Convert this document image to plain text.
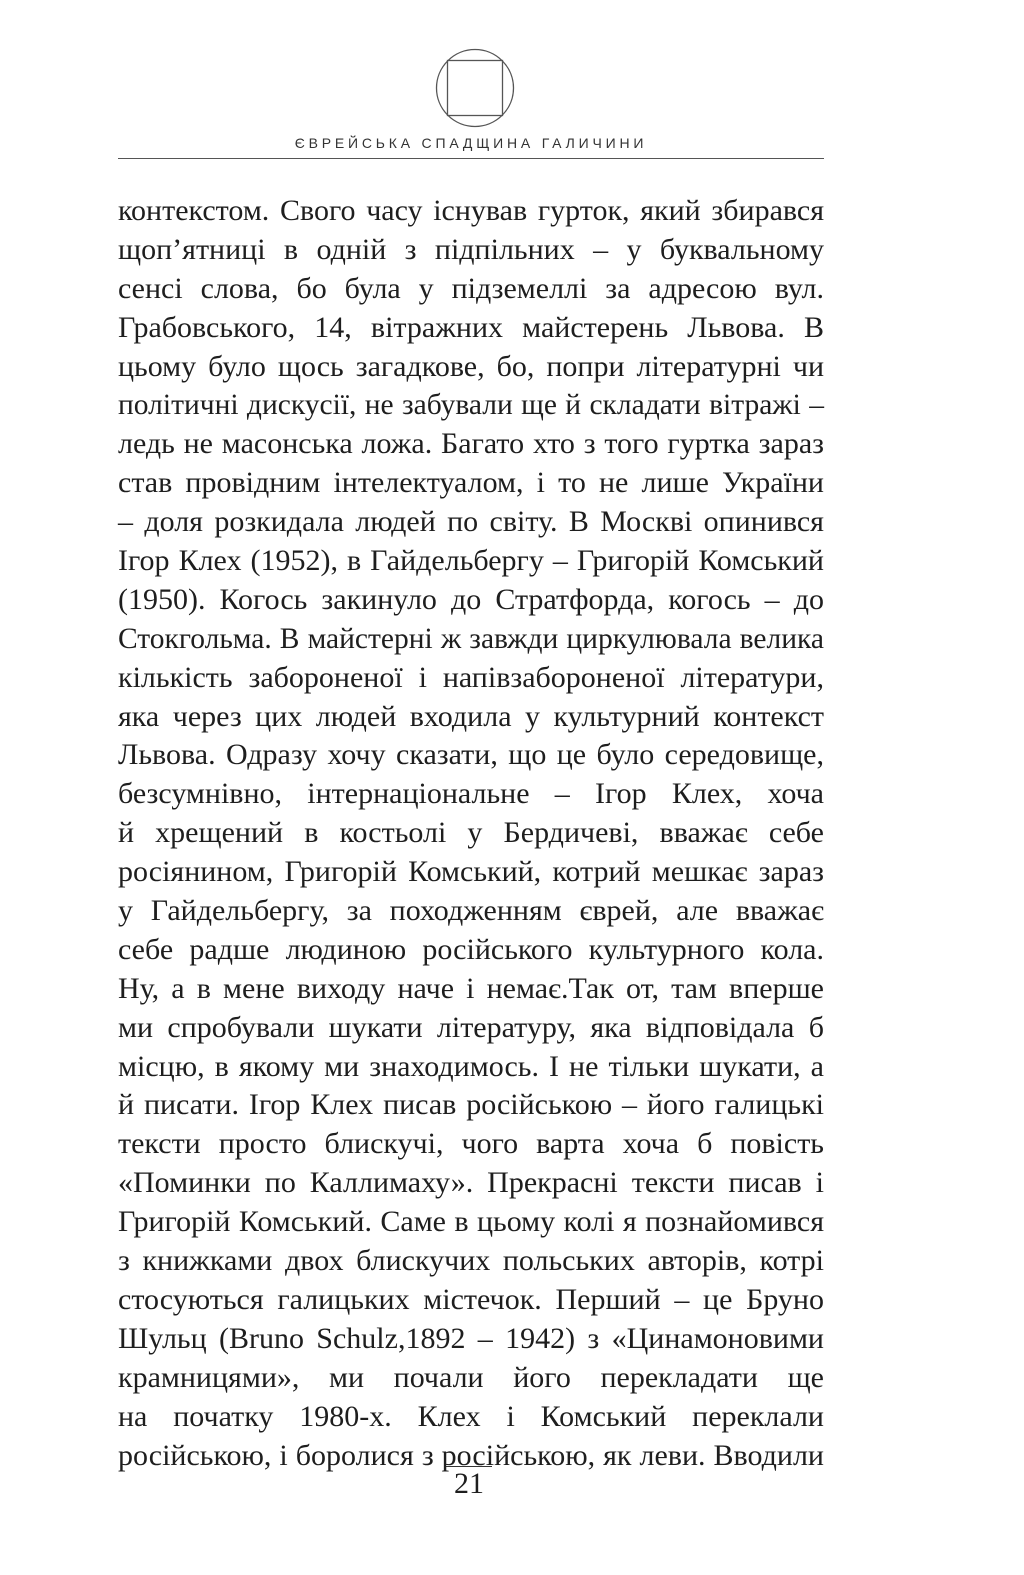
ЄВРЕЙСЬКА СПАДЩИНА ГАЛИЧИНИ
контекстом. Свого часу існував гурток, який збирався
щоп’ятниці в одній з підпільних – у буквальному
сенсі слова, бо була у підземеллі за адресою вул.
Грабовського, 14, вітражних майстерень Львова. В
цьому було щось загадкове, бо, попри літературні чи
політичні дискусії, не забували ще й складати вітражі –
ледь не масонська ложа. Багато хто з того гуртка зараз
став провідним інтелектуалом, і то не лише України
– доля розкидала людей по світу. В Москві опинився
Ігор Клех (1952), в Гайдельбергу – Григорій Комський
(1950). Когось закинуло до Стратфорда, когось – до
Стокгольма. В майстерні ж завжди циркулювала велика
кількість забороненої і напівзабороненої літератури,
яка через цих людей входила у культурний контекст
Львова. Одразу хочу сказати, що це було середовище,
безсумнівно, інтернаціональне – Ігор Клех, хоча
й хрещений в костьолі у Бердичеві, вважає себе
росіянином, Григорій Комський, котрий мешкає зараз
у Гайдельбергу, за походженням єврей, але вважає
себе радше людиною російського культурного кола.
Ну, а в мене виходу наче і немає.Так от, там вперше
ми спробували шукати літературу, яка відповідала б
місцю, в якому ми знаходимось. І не тільки шукати, а
й писати. Ігор Клех писав російською – його галицькі
тексти просто блискучі, чого варта хоча б повість
«Поминки по Каллимаху». Прекрасні тексти писав і
Григорій Комський. Саме в цьому колі я познайомився
з книжками двох блискучих польських авторів, котрі
стосуються галицьких містечок. Перший – це Бруно
Шульц (Bruno Schulz,1892 – 1942) з «Цинамоновими
крамницями», ми почали його перекладати ще
на початку 1980-х. Клех і Комський переклали
російською, і боролися з російською, як леви. Вводили
21
